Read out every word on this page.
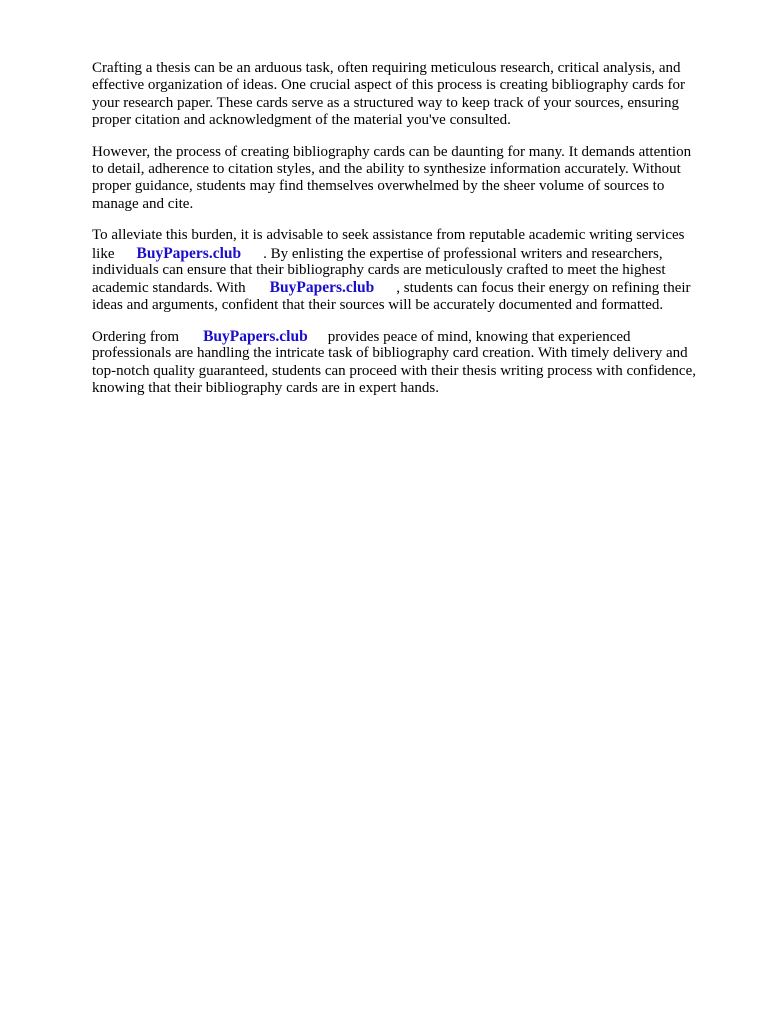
Crafting a thesis can be an arduous task, often requiring meticulous research, critical analysis, and
effective organization of ideas. One crucial aspect of this process is creating bibliography cards for
your research paper. These cards serve as a structured way to keep track of your sources, ensuring
proper citation and acknowledgment of the material you've consulted.

However, the process of creating bibliography cards can be daunting for many. It demands attention
to detail, adherence to citation styles, and the ability to synthesize information accurately. Without
proper guidance, students may find themselves overwhelmed by the sheer volume of sources to
manage and cite.

To alleviate this burden, it is advisable to seek assistance from reputable academic writing services
like BuyPapers.club . By enlisting the expertise of professional writers and researchers,
individuals can ensure that their bibliography cards are meticulously crafted to meet the highest
academic standards. With BuyPapers.club , students can focus their energy on refining their
ideas and arguments, confident that their sources will be accurately documented and formatted.

Ordering from BuyPapers.club provides peace of mind, knowing that experienced
professionals are handling the intricate task of bibliography card creation. With timely delivery and
top-notch quality guaranteed, students can proceed with their thesis writing process with confidence,
knowing that their bibliography cards are in expert hands.
